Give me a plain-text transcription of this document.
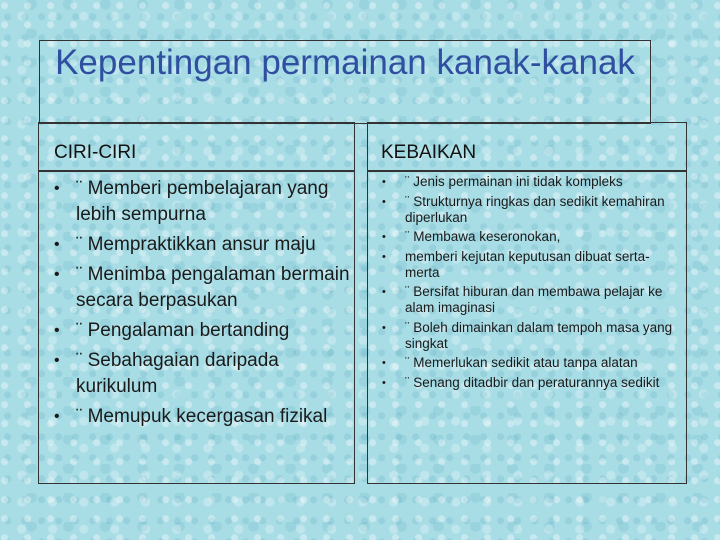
Kepentingan permainan kanak-kanak
CIRI-CIRI	KEBAIKAN
• ¨ Memberi pembelajaran yang lebih sempurna
• ¨ Mempraktikkan ansur maju
• ¨ Menimba pengalaman bermain secara berpasukan
• ¨ Pengalaman bertanding
• ¨ Sebahagaian daripada kurikulum
• ¨ Memupuk kecergasan fizikal
• ¨ Jenis permainan ini tidak kompleks
• ¨ Strukturnya ringkas dan sedikit kemahiran diperlukan
• ¨ Membawa keseronokan,
• memberi kejutan keputusan dibuat serta-merta
• ¨ Bersifat hiburan dan membawa pelajar ke alam imaginasi
• ¨ Boleh dimainkan dalam tempoh masa yang singkat
• ¨ Memerlukan sedikit atau tanpa alatan
• ¨ Senang ditadbir dan peraturannya sedikit
